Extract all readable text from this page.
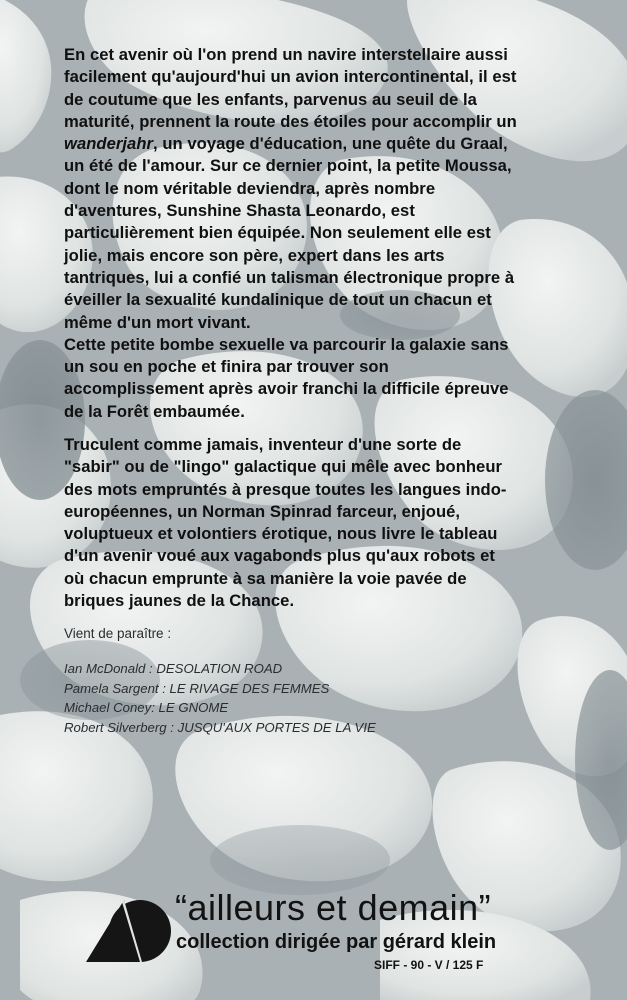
En cet avenir où l'on prend un navire interstellaire aussi
facilement qu'aujourd'hui un avion intercontinental, il est
de coutume que les enfants, parvenus au seuil de la
maturité, prennent la route des étoiles pour accomplir un
wanderjahr, un voyage d'éducation, une quête du Graal,
un été de l'amour. Sur ce dernier point, la petite Moussa,
dont le nom véritable deviendra, après nombre
d'aventures, Sunshine Shasta Leonardo, est
particulièrement bien équipée. Non seulement elle est
jolie, mais encore son père, expert dans les arts
tantriques, lui a confié un talisman électronique propre à
éveiller la sexualité kundalinique de tout un chacun et
même d'un mort vivant.
Cette petite bombe sexuelle va parcourir la galaxie sans
un sou en poche et finira par trouver son
accomplissement après avoir franchi la difficile épreuve
de la Forêt embaumée.
Truculent comme jamais, inventeur d'une sorte de
"sabir" ou de "lingo" galactique qui mêle avec bonheur
des mots empruntés à presque toutes les langues indo-
européennes, un Norman Spinrad farceur, enjoué,
voluptueux et volontiers érotique, nous livre le tableau
d'un avenir voué aux vagabonds plus qu'aux robots et
où chacun emprunte à sa manière la voie pavée de
briques jaunes de la Chance.
Vient de paraître :
Ian McDonald : DESOLATION ROAD
Pamela Sargent : LE RIVAGE DES FEMMES
Michael Coney: LE GNOME
Robert Silverberg : JUSQU'AUX PORTES DE LA VIE
“ailleurs et demain”
collection dirigée par gérard klein
SIFF - 90 - V / 125 F
